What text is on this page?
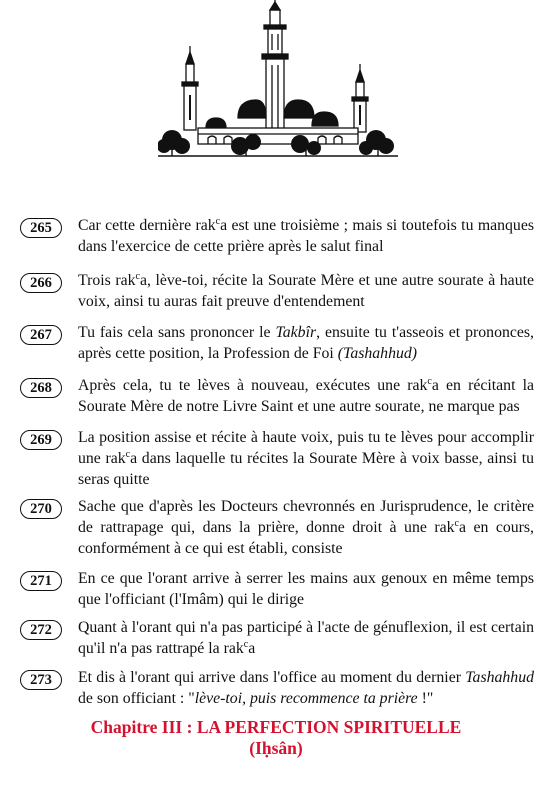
265	Car cette dernière rak$^c$a est une troisième ; mais si toutefois tu manques dans l'exercice de cette prière après le salut final
266	Trois rak$^c$a, lève-toi, récite la Sourate Mère et une autre sourate à haute voix, ainsi tu auras fait preuve d'entendement
267	Tu fais cela sans prononcer le Takbîr, ensuite tu t'asseois et prononces, après cette position, la Profession de Foi (Tashahhud)
268	Après cela, tu te lèves à nouveau, exécutes une rak$^c$a en récitant la Sourate Mère de notre Livre Saint et une autre sourate, ne marque pas
269	La position assise et récite à haute voix, puis tu te lèves pour accomplir une rak$^c$a dans laquelle tu récites la Sourate Mère à voix basse, ainsi tu seras quitte
270	Sache que d'après les Docteurs chevronnés en Jurisprudence, le critère de rattrapage qui, dans la prière, donne droit à une rak$^c$a en cours, conformément à ce qui est établi, consiste
271	En ce que l'orant arrive à serrer les mains aux genoux en même temps que l'officiant (l'Imâm) qui le dirige
272	Quant à l'orant qui n'a pas participé à l'acte de génuflexion, il est certain qu'il n'a pas rattrapé la rak$^c$a
273	Et dis à l'orant qui arrive dans l'office au moment du dernier Tashahhud de son officiant : "lève-toi, puis recommence ta prière !"
Chapitre III : LA PERFECTION SPIRITUELLE
(Iḥsân)
